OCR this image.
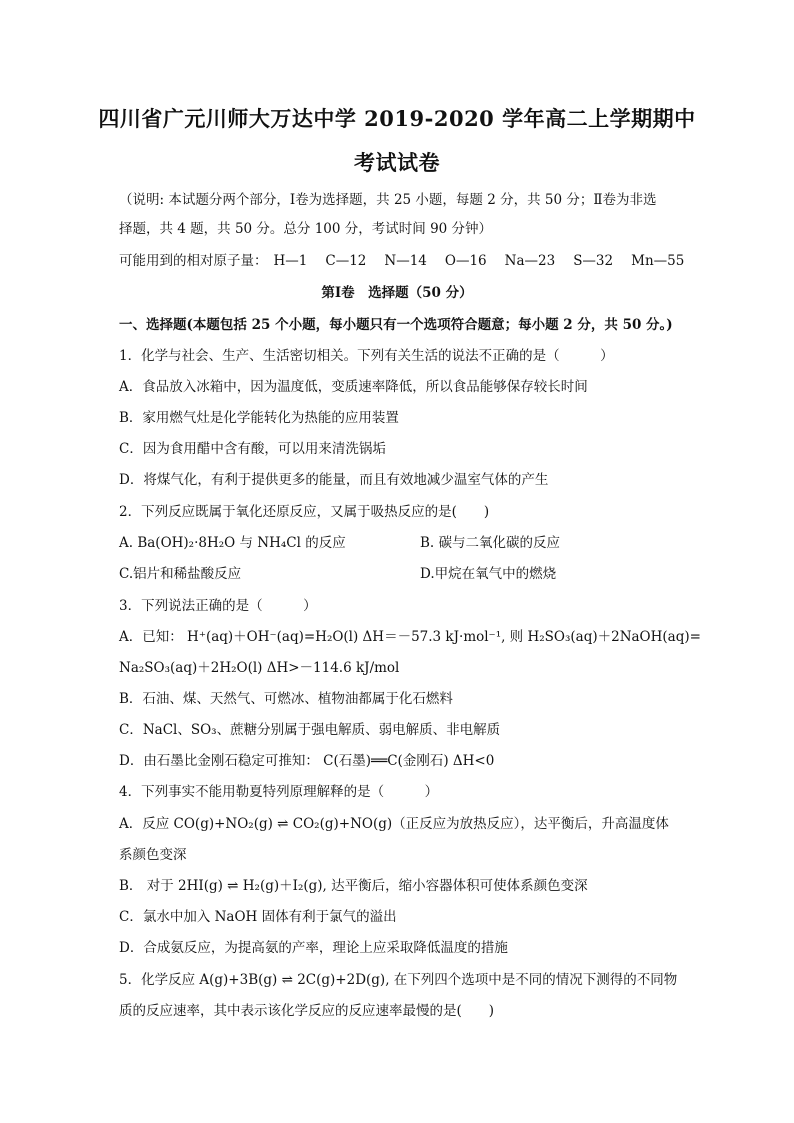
四川省广元川师大万达中学 2019-2020 学年高二上学期期中
考试试卷
（说明: 本试题分两个部分，Ⅰ卷为选择题，共 25 小题，每题 2 分，共 50 分；Ⅱ卷为非选
择题，共 4 题，共 50 分。总分 100 分，考试时间 90 分钟）
可能用到的相对原子量： H—1 C—12 N—14 O—16 Na—23 S—32 Mn—55
第Ⅰ卷　选择题（50 分）
一、选择题(本题包括 25 个小题，每小题只有一个选项符合题意；每小题 2 分，共 50 分。)
1．化学与社会、生产、生活密切相关。下列有关生活的说法不正确的是（　　　）
A．食品放入冰箱中，因为温度低，变质速率降低，所以食品能够保存较长时间
B．家用燃气灶是化学能转化为热能的应用装置
C．因为食用醋中含有酸，可以用来清洗锅垢
D．将煤气化，有利于提供更多的能量，而且有效地减少温室气体的产生
2．下列反应既属于氧化还原反应，又属于吸热反应的是(　　)
A. Ba(OH)₂·8H₂O 与 NH₄Cl 的反应	B. 碳与二氧化碳的反应
C.铝片和稀盐酸反应	D.甲烷在氧气中的燃烧
3．下列说法正确的是（　　　）
A．已知： H⁺(aq)＋OH⁻(aq)=H₂O(l) ΔH＝－57.3 kJ·mol⁻¹, 则 H₂SO₃(aq)＋2NaOH(aq)=
Na₂SO₃(aq)＋2H₂O(l) ΔH>－114.6 kJ/mol
B．石油、煤、天然气、可燃冰、植物油都属于化石燃料
C．NaCl、SO₃、蔗糖分别属于强电解质、弱电解质、非电解质
D．由石墨比金刚石稳定可推知： C(石墨)══C(金刚石) ΔH<0
4．下列事实不能用勒夏特列原理解释的是（　　　）
A．反应 CO(g)+NO₂(g) ⇌ CO₂(g)+NO(g)（正反应为放热反应），达平衡后，升高温度体
系颜色变深
B． 对于 2HI(g) ⇌ H₂(g)＋I₂(g), 达平衡后，缩小容器体积可使体系颜色变深
C．氯水中加入 NaOH 固体有利于氯气的溢出
D．合成氨反应，为提高氨的产率，理论上应采取降低温度的措施
5．化学反应 A(g)+3B(g) ⇌ 2C(g)+2D(g), 在下列四个选项中是不同的情况下测得的不同物
质的反应速率，其中表示该化学反应的反应速率最慢的是(　　)
